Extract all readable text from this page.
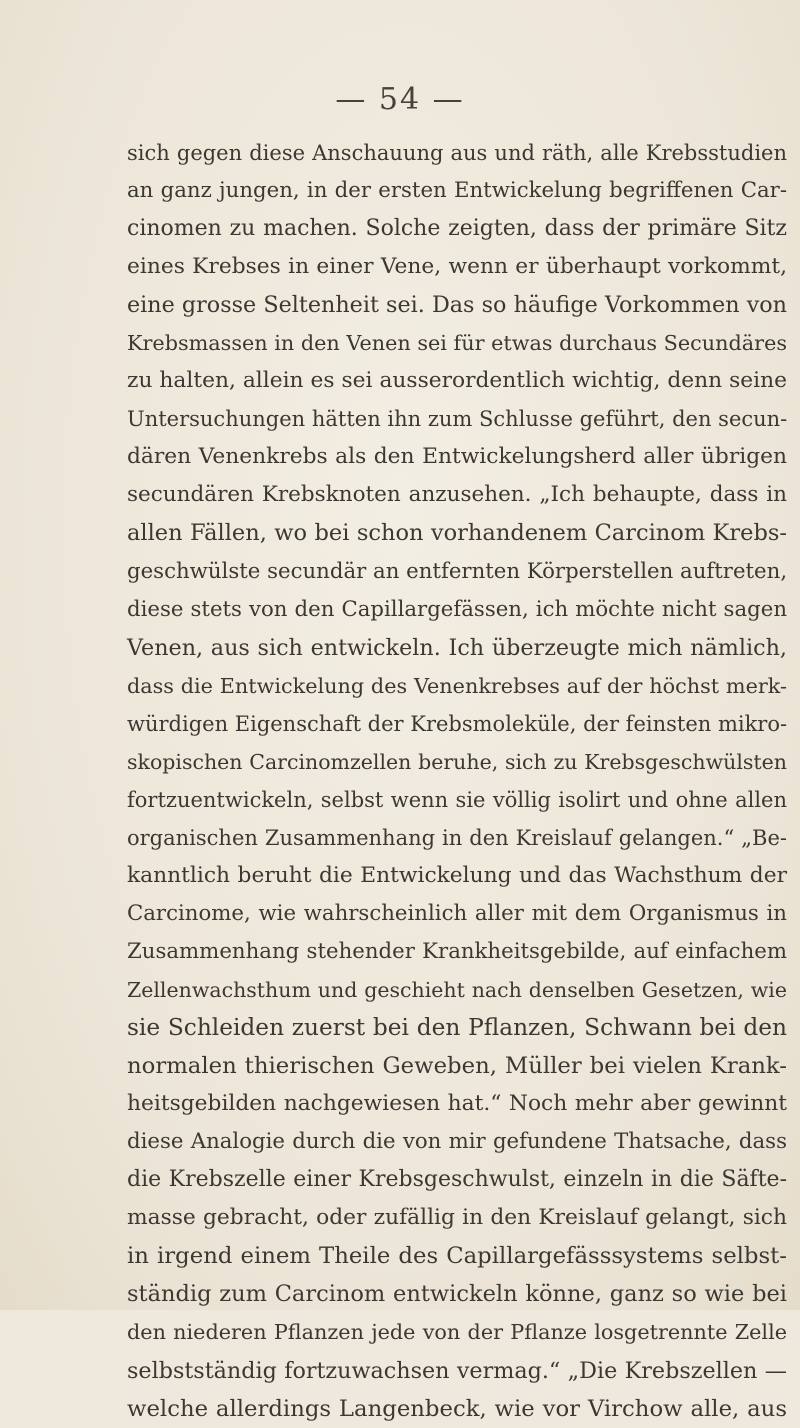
— 54 —
sich gegen diese Anschauung aus und räth, alle Krebsstudien
an ganz jungen, in der ersten Entwickelung begriffenen Car-
cinomen zu machen. Solche zeigten, dass der primäre Sitz
eines Krebses in einer Vene, wenn er überhaupt vorkommt,
eine grosse Seltenheit sei. Das so häufige Vorkommen von
Krebsmassen in den Venen sei für etwas durchaus Secundäres
zu halten, allein es sei ausserordentlich wichtig, denn seine
Untersuchungen hätten ihn zum Schlusse geführt, den secun-
dären Venenkrebs als den Entwickelungsherd aller übrigen
secundären Krebsknoten anzusehen. „Ich behaupte, dass in
allen Fällen, wo bei schon vorhandenem Carcinom Krebs-
geschwülste secundär an entfernten Körperstellen auftreten,
diese stets von den Capillargefässen, ich möchte nicht sagen
Venen, aus sich entwickeln. Ich überzeugte mich nämlich,
dass die Entwickelung des Venenkrebses auf der höchst merk-
würdigen Eigenschaft der Krebsmoleküle, der feinsten mikro-
skopischen Carcinomzellen beruhe, sich zu Krebsgeschwülsten
fortzuentwickeln, selbst wenn sie völlig isolirt und ohne allen
organischen Zusammenhang in den Kreislauf gelangen.“ „Be-
kanntlich beruht die Entwickelung und das Wachsthum der
Carcinome, wie wahrscheinlich aller mit dem Organismus in
Zusammenhang stehender Krankheitsgebilde, auf einfachem
Zellenwachsthum und geschieht nach denselben Gesetzen, wie
sie Schleiden zuerst bei den Pflanzen, Schwann bei den
normalen thierischen Geweben, Müller bei vielen Krank-
heitsgebilden nachgewiesen hat.“ Noch mehr aber gewinnt
diese Analogie durch die von mir gefundene Thatsache, dass
die Krebszelle einer Krebsgeschwulst, einzeln in die Säfte-
masse gebracht, oder zufällig in den Kreislauf gelangt, sich
in irgend einem Theile des Capillargefässsystems selbst-
ständig zum Carcinom entwickeln könne, ganz so wie bei
den niederen Pflanzen jede von der Pflanze losgetrennte Zelle
selbstständig fortzuwachsen vermag.“ „Die Krebszellen —
welche allerdings Langenbeck, wie vor Virchow alle, aus
